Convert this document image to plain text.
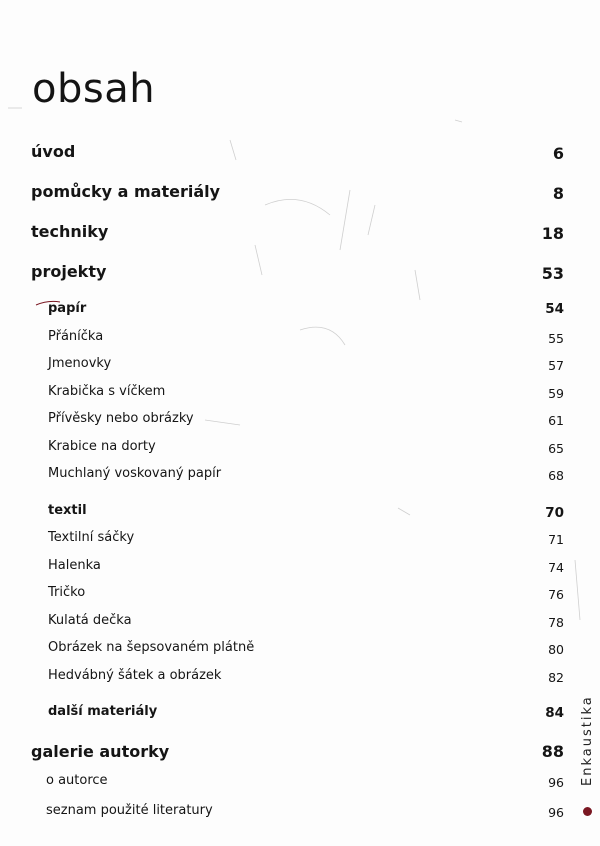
obsah
úvod	6
pomůcky a materiály	8
techniky	18
projekty	53
papír	54
Přáníčka	55
Jmenovky	57
Krabička s víčkem	59
Přívěsky nebo obrázky	61
Krabice na dorty	65
Muchlaný voskovaný papír	68
textil	70
Textilní sáčky	71
Halenka	74
Tričko	76
Kulatá dečka	78
Obrázek na šepsovaném plátně	80
Hedvábný šátek a obrázek	82
další materiály	84
galerie autorky	88
o autorce	96
seznam použité literatury	96
Enkaustika
